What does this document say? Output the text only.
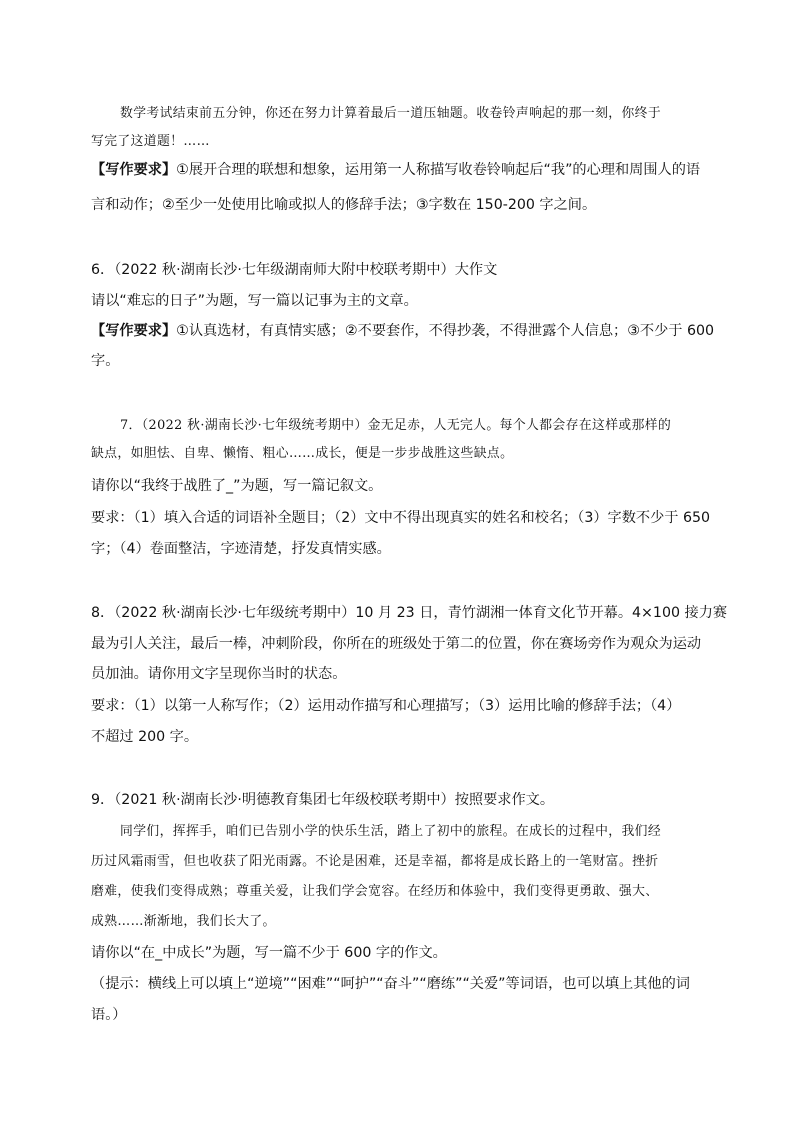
数学考试结束前五分钟，你还在努力计算着最后一道压轴题。收卷铃声响起的那一刻，你终于
写完了这道题！……
【写作要求】①展开合理的联想和想象，运用第一人称描写收卷铃响起后“我”的心理和周围人的语
言和动作；②至少一处使用比喻或拟人的修辞手法；③字数在 150-200 字之间。
6．（2022 秋·湖南长沙·七年级湖南师大附中校联考期中）大作文
请以“难忘的日子”为题，写一篇以记事为主的文章。
【写作要求】①认真选材，有真情实感；②不要套作，不得抄袭，不得泄露个人信息；③不少于 600
字。
7．（2022 秋·湖南长沙·七年级统考期中）金无足赤，人无完人。每个人都会存在这样或那样的
缺点，如胆怯、自卑、懒惰、粗心……成长，便是一步步战胜这些缺点。
请你以“我终于战胜了_”为题，写一篇记叙文。
要求：（1）填入合适的词语补全题目；（2）文中不得出现真实的姓名和校名；（3）字数不少于 650
字；（4）卷面整洁，字迹清楚，抒发真情实感。
8．（2022 秋·湖南长沙·七年级统考期中）10 月 23 日，青竹湖湘一体育文化节开幕。4×100 接力赛
最为引人关注，最后一棒，冲刺阶段，你所在的班级处于第二的位置，你在赛场旁作为观众为运动
员加油。请你用文字呈现你当时的状态。
要求：（1）以第一人称写作；（2）运用动作描写和心理描写；（3）运用比喻的修辞手法；（4）
不超过 200 字。
9．（2021 秋·湖南长沙·明德教育集团七年级校联考期中）按照要求作文。
同学们，挥挥手，咱们已告别小学的快乐生活，踏上了初中的旅程。在成长的过程中，我们经
历过风霜雨雪，但也收获了阳光雨露。不论是困难，还是幸福，都将是成长路上的一笔财富。挫折
磨难，使我们变得成熟；尊重关爱，让我们学会宽容。在经历和体验中，我们变得更勇敢、强大、
成熟……渐渐地，我们长大了。
请你以“在_中成长”为题，写一篇不少于 600 字的作文。
（提示：横线上可以填上“逆境”“困难”“呵护”“奋斗”“磨练”“关爱”等词语，也可以填上其他的词
语。）
